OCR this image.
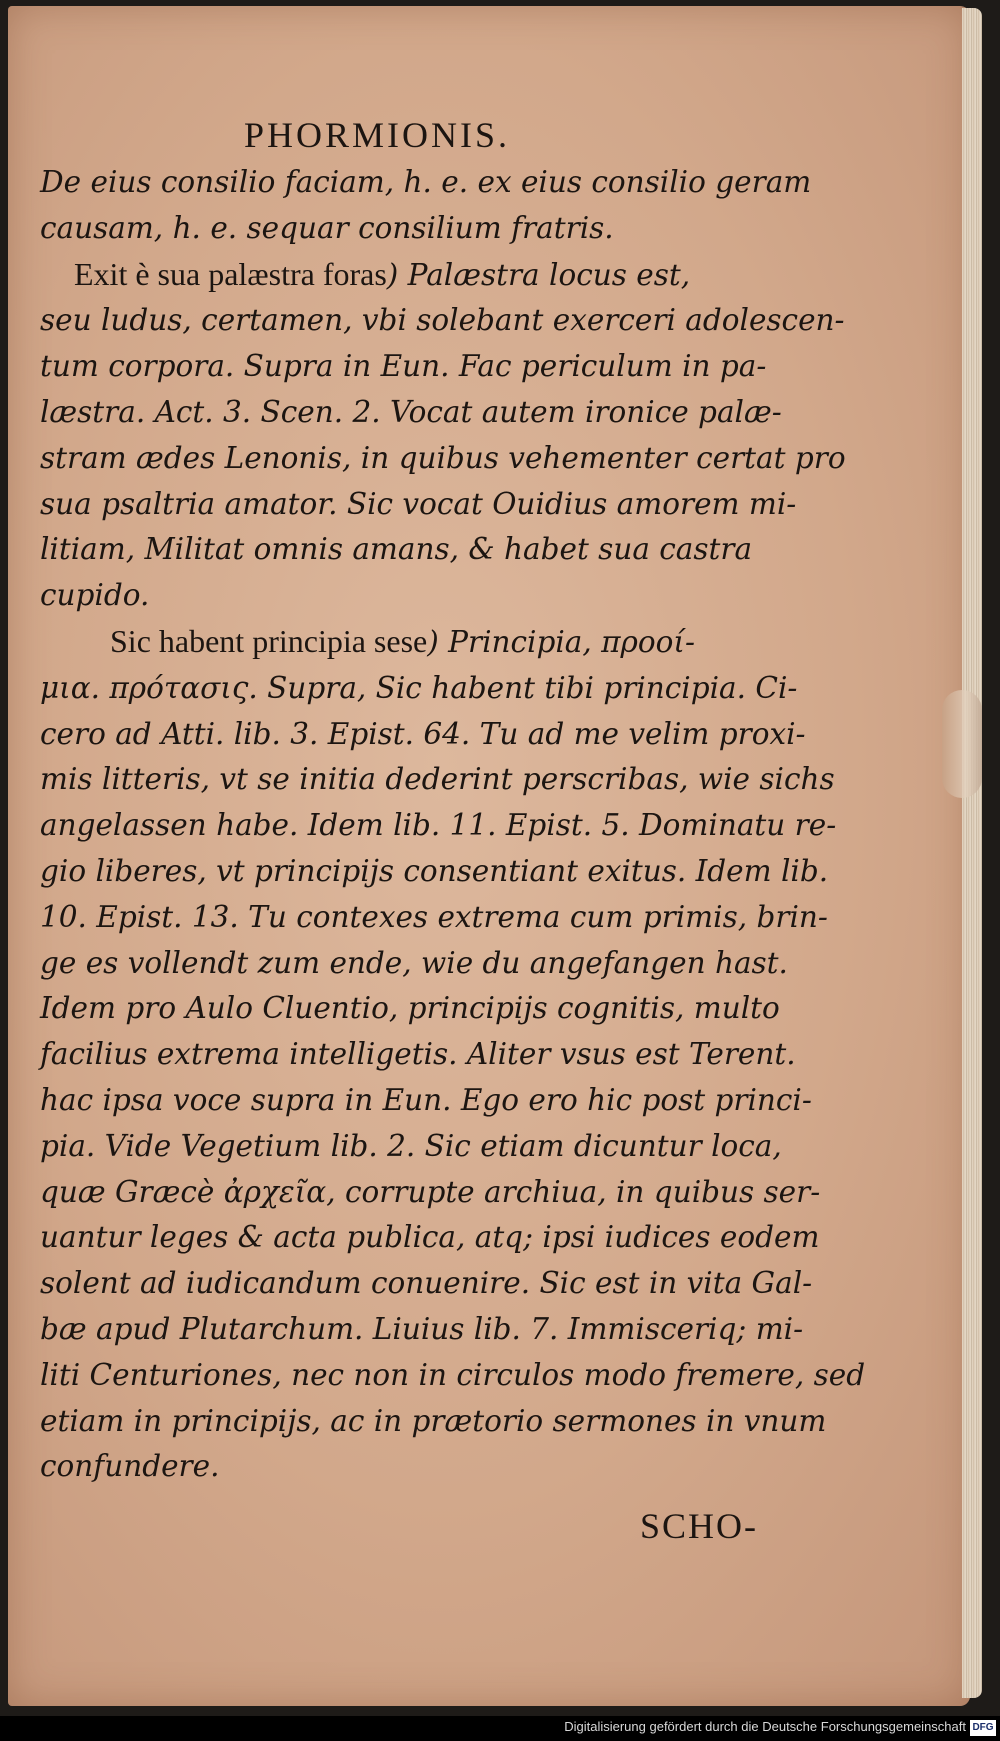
PHORMIONIS.
De eius consilio faciam, h. e. ex eius consilio geram
causam, h. e. sequar consilium fratris.
Exit è sua palæstra foras) Palæstra locus est,
seu ludus, certamen, vbi solebant exerceri adolescen-
tum corpora. Supra in Eun. Fac periculum in pa-
læstra. Act. 3. Scen. 2. Vocat autem ironice palæ-
stram ædes Lenonis, in quibus vehementer certat pro
sua psaltria amator. Sic vocat Ouidius amorem mi-
litiam, Militat omnis amans, & habet sua castra
cupido.
Sic habent principia sese) Principia, προοί-
μια. πρότασις. Supra, Sic habent tibi principia. Ci-
cero ad Atti. lib. 3. Epist. 64. Tu ad me velim proxi-
mis litteris, vt se initia dederint perscribas, wie sichs
angelassen habe. Idem lib. 11. Epist. 5. Dominatu re-
gio liberes, vt principijs consentiant exitus. Idem lib.
10. Epist. 13. Tu contexes extrema cum primis, brin-
ge es vollendt zum ende, wie du angefangen hast.
Idem pro Aulo Cluentio, principijs cognitis, multo
facilius extrema intelligetis. Aliter vsus est Terent.
hac ipsa voce supra in Eun. Ego ero hic post princi-
pia. Vide Vegetium lib. 2. Sic etiam dicuntur loca,
quæ Græcè ἀρχεῖα, corrupte archiua, in quibus ser-
uantur leges & acta publica, atq; ipsi iudices eodem
solent ad iudicandum conuenire. Sic est in vita Gal-
bæ apud Plutarchum. Liuius lib. 7. Immisceriq; mi-
liti Centuriones, nec non in circulos modo fremere, sed
etiam in principijs, ac in prætorio sermones in vnum
confundere.
SCHO-
Digitalisierung gefördert durch die Deutsche Forschungsgemeinschaft DFG
